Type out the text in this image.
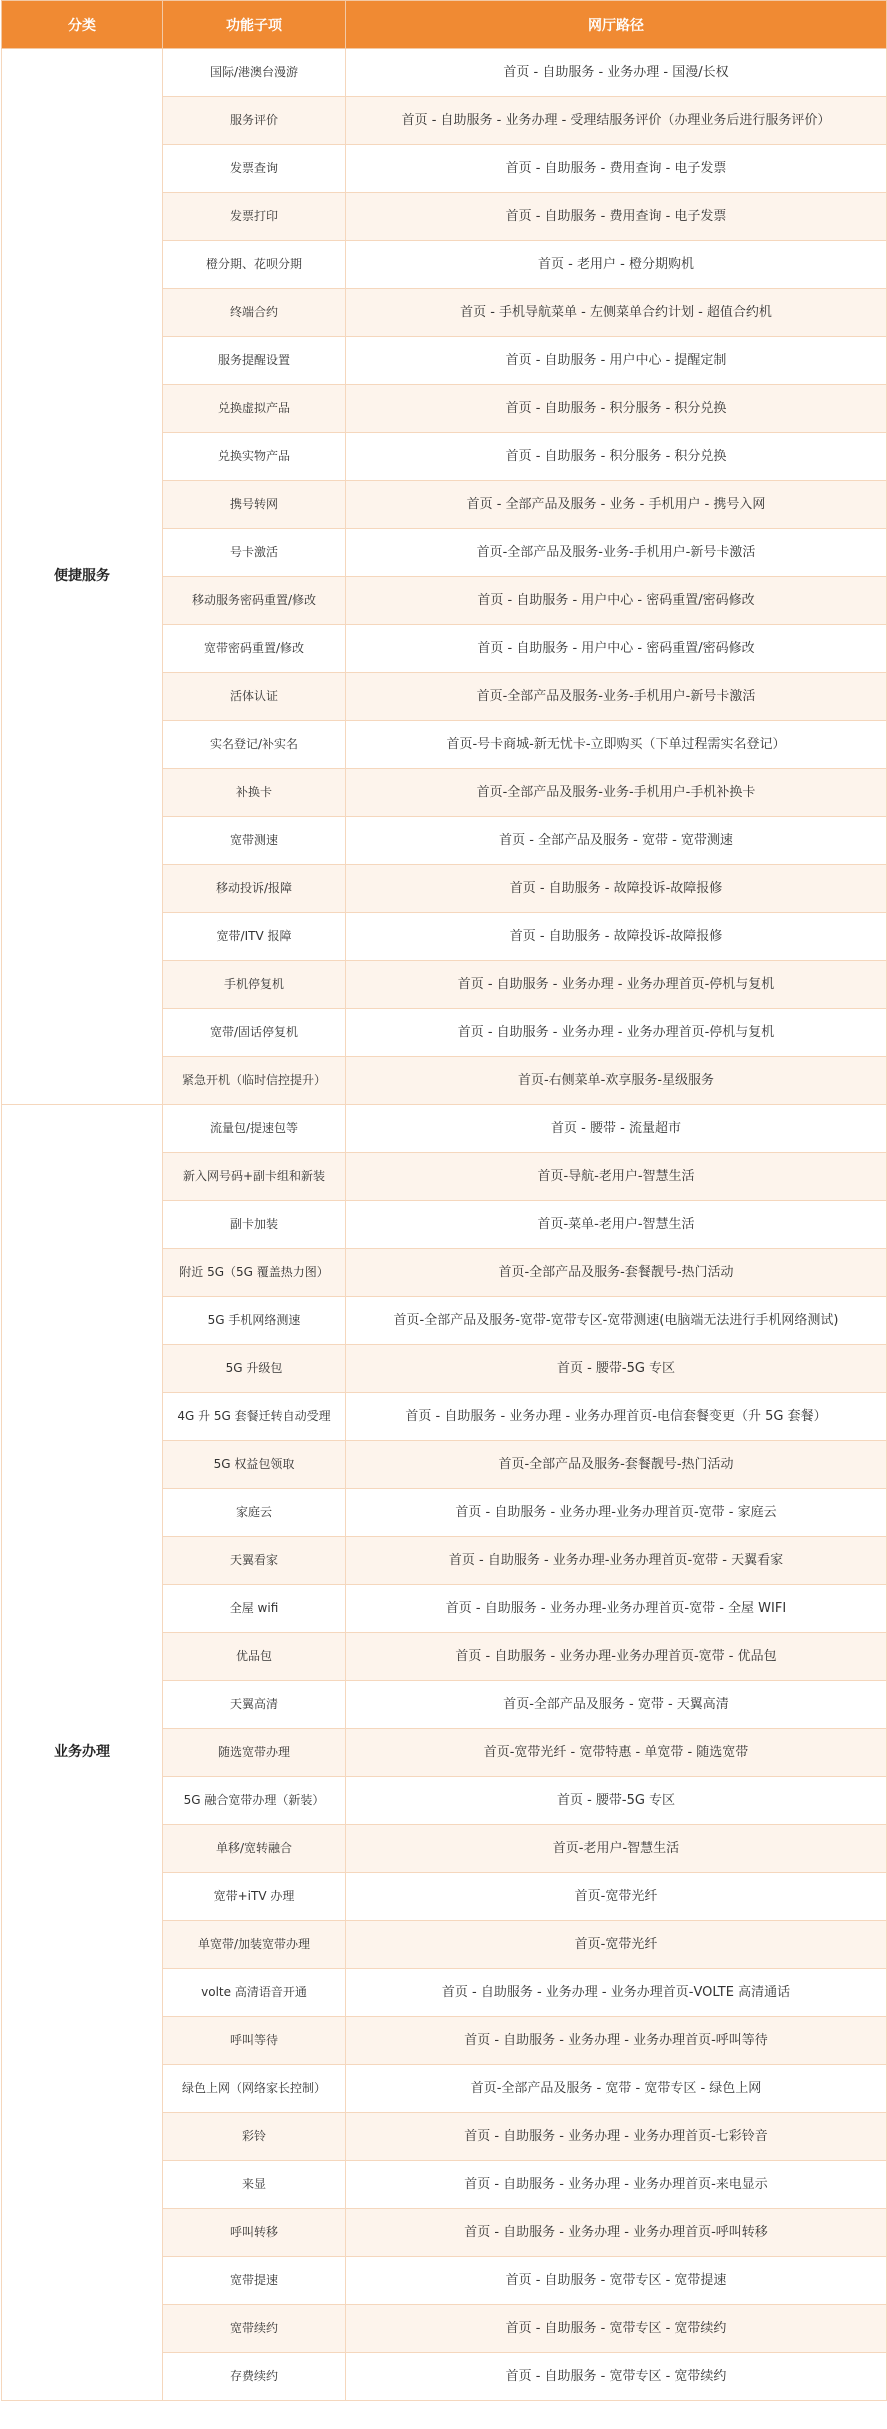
分类	功能子项	网厅路径
便捷服务	国际/港澳台漫游	首页 - 自助服务 - 业务办理 - 国漫/长权
	服务评价	首页 - 自助服务 - 业务办理 - 受理结服务评价（办理业务后进行服务评价）
	发票查询	首页 - 自助服务 - 费用查询 - 电子发票
	发票打印	首页 - 自助服务 - 费用查询 - 电子发票
	橙分期、花呗分期	首页 - 老用户 - 橙分期购机
	终端合约	首页 - 手机导航菜单 - 左侧菜单合约计划 - 超值合约机
	服务提醒设置	首页 - 自助服务 - 用户中心 - 提醒定制
	兑换虚拟产品	首页 - 自助服务 - 积分服务 - 积分兑换
	兑换实物产品	首页 - 自助服务 - 积分服务 - 积分兑换
	携号转网	首页 - 全部产品及服务 - 业务 - 手机用户 - 携号入网
	号卡激活	首页-全部产品及服务-业务-手机用户-新号卡激活
	移动服务密码重置/修改	首页 - 自助服务 - 用户中心 - 密码重置/密码修改
	宽带密码重置/修改	首页 - 自助服务 - 用户中心 - 密码重置/密码修改
	活体认证	首页-全部产品及服务-业务-手机用户-新号卡激活
	实名登记/补实名	首页-号卡商城-新无忧卡-立即购买（下单过程需实名登记）
	补换卡	首页-全部产品及服务-业务-手机用户-手机补换卡
	宽带测速	首页 - 全部产品及服务 - 宽带 - 宽带测速
	移动投诉/报障	首页 - 自助服务 - 故障投诉-故障报修
	宽带/ITV 报障	首页 - 自助服务 - 故障投诉-故障报修
	手机停复机	首页 - 自助服务 - 业务办理 - 业务办理首页-停机与复机
	宽带/固话停复机	首页 - 自助服务 - 业务办理 - 业务办理首页-停机与复机
	紧急开机（临时信控提升）	首页-右侧菜单-欢享服务-星级服务
业务办理	流量包/提速包等	首页 - 腰带 - 流量超市
	新入网号码+副卡组和新装	首页-导航-老用户-智慧生活
	副卡加装	首页-菜单-老用户-智慧生活
	附近 5G（5G 覆盖热力图）	首页-全部产品及服务-套餐靓号-热门活动
	5G 手机网络测速	首页-全部产品及服务-宽带-宽带专区-宽带测速(电脑端无法进行手机网络测试)
	5G 升级包	首页 - 腰带-5G 专区
	4G 升 5G 套餐迁转自动受理	首页 - 自助服务 - 业务办理 - 业务办理首页-电信套餐变更（升 5G 套餐）
	5G 权益包领取	首页-全部产品及服务-套餐靓号-热门活动
	家庭云	首页 - 自助服务 - 业务办理-业务办理首页-宽带 - 家庭云
	天翼看家	首页 - 自助服务 - 业务办理-业务办理首页-宽带 - 天翼看家
	全屋 wifi	首页 - 自助服务 - 业务办理-业务办理首页-宽带 - 全屋 WIFI
	优品包	首页 - 自助服务 - 业务办理-业务办理首页-宽带 - 优品包
	天翼高清	首页-全部产品及服务 - 宽带 - 天翼高清
	随选宽带办理	首页-宽带光纤 - 宽带特惠 - 单宽带 - 随选宽带
	5G 融合宽带办理（新装）	首页 - 腰带-5G 专区
	单移/宽转融合	首页-老用户-智慧生活
	宽带+iTV 办理	首页-宽带光纤
	单宽带/加装宽带办理	首页-宽带光纤
	volte 高清语音开通	首页 - 自助服务 - 业务办理 - 业务办理首页-VOLTE 高清通话
	呼叫等待	首页 - 自助服务 - 业务办理 - 业务办理首页-呼叫等待
	绿色上网（网络家长控制）	首页-全部产品及服务 - 宽带 - 宽带专区 - 绿色上网
	彩铃	首页 - 自助服务 - 业务办理 - 业务办理首页-七彩铃音
	来显	首页 - 自助服务 - 业务办理 - 业务办理首页-来电显示
	呼叫转移	首页 - 自助服务 - 业务办理 - 业务办理首页-呼叫转移
	宽带提速	首页 - 自助服务 - 宽带专区 - 宽带提速
	宽带续约	首页 - 自助服务 - 宽带专区 - 宽带续约
	存费续约	首页 - 自助服务 - 宽带专区 - 宽带续约
